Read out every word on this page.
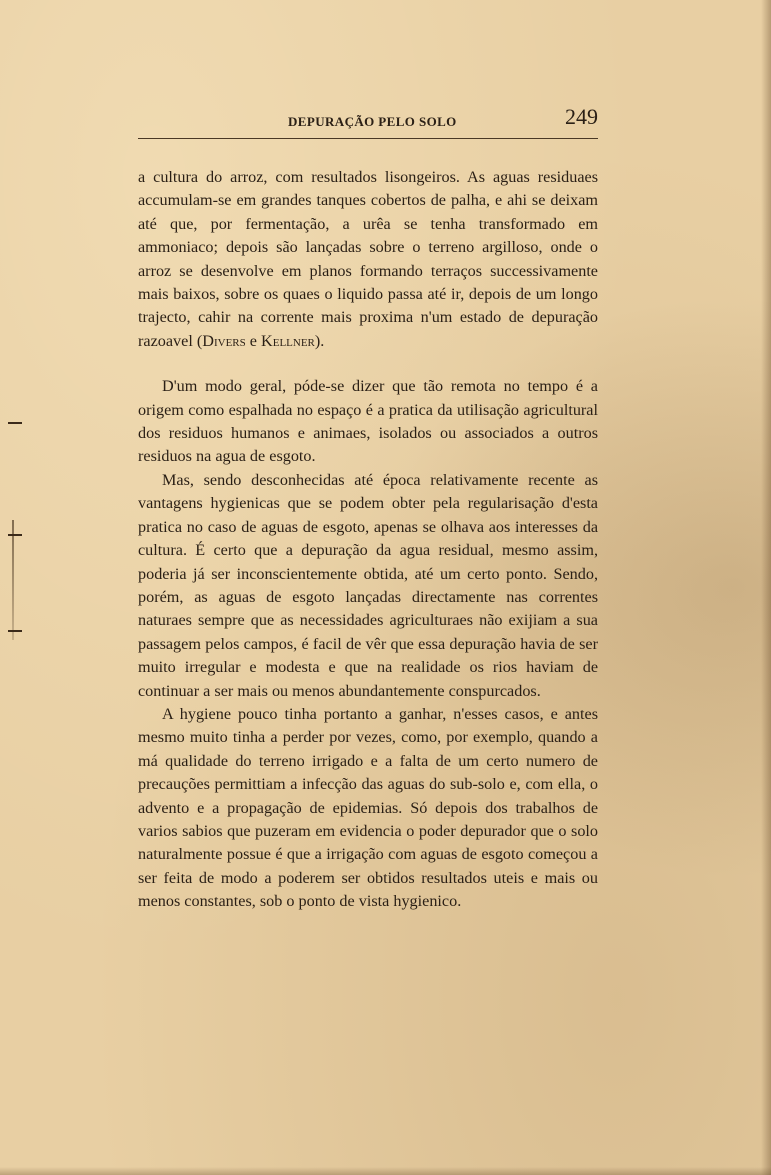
DEPURAÇÃO PELO SOLO	249

a cultura do arroz, com resultados lisongeiros. As aguas residuaes accumulam-se em grandes tanques cobertos de palha, e ahi se deixam até que, por fermentação, a urêa se tenha transformado em ammoniaco; depois são lançadas sobre o terreno argilloso, onde o arroz se desenvolve em planos formando terraços successivamente mais baixos, sobre os quaes o liquido passa até ir, depois de um longo trajecto, cahir na corrente mais proxima n'um estado de depuração razoavel (Divers e Kellner).

D'um modo geral, póde-se dizer que tão remota no tempo é a origem como espalhada no espaço é a pratica da utilisação agricultural dos residuos humanos e animaes, isolados ou associados a outros residuos na agua de esgoto.

Mas, sendo desconhecidas até época relativamente recente as vantagens hygienicas que se podem obter pela regularisação d'esta pratica no caso de aguas de esgoto, apenas se olhava aos interesses da cultura. É certo que a depuração da agua residual, mesmo assim, poderia já ser inconscientemente obtida, até um certo ponto. Sendo, porém, as aguas de esgoto lançadas directamente nas correntes naturaes sempre que as necessidades agriculturaes não exijiam a sua passagem pelos campos, é facil de vêr que essa depuração havia de ser muito irregular e modesta e que na realidade os rios haviam de continuar a ser mais ou menos abundantemente conspurcados.

A hygiene pouco tinha portanto a ganhar, n'esses casos, e antes mesmo muito tinha a perder por vezes, como, por exemplo, quando a má qualidade do terreno irrigado e a falta de um certo numero de precauções permittiam a infecção das aguas do sub-solo e, com ella, o advento e a propagação de epidemias. Só depois dos trabalhos de varios sabios que puzeram em evidencia o poder depurador que o solo naturalmente possue é que a irrigação com aguas de esgoto começou a ser feita de modo a poderem ser obtidos resultados uteis e mais ou menos constantes, sob o ponto de vista hygienico.
